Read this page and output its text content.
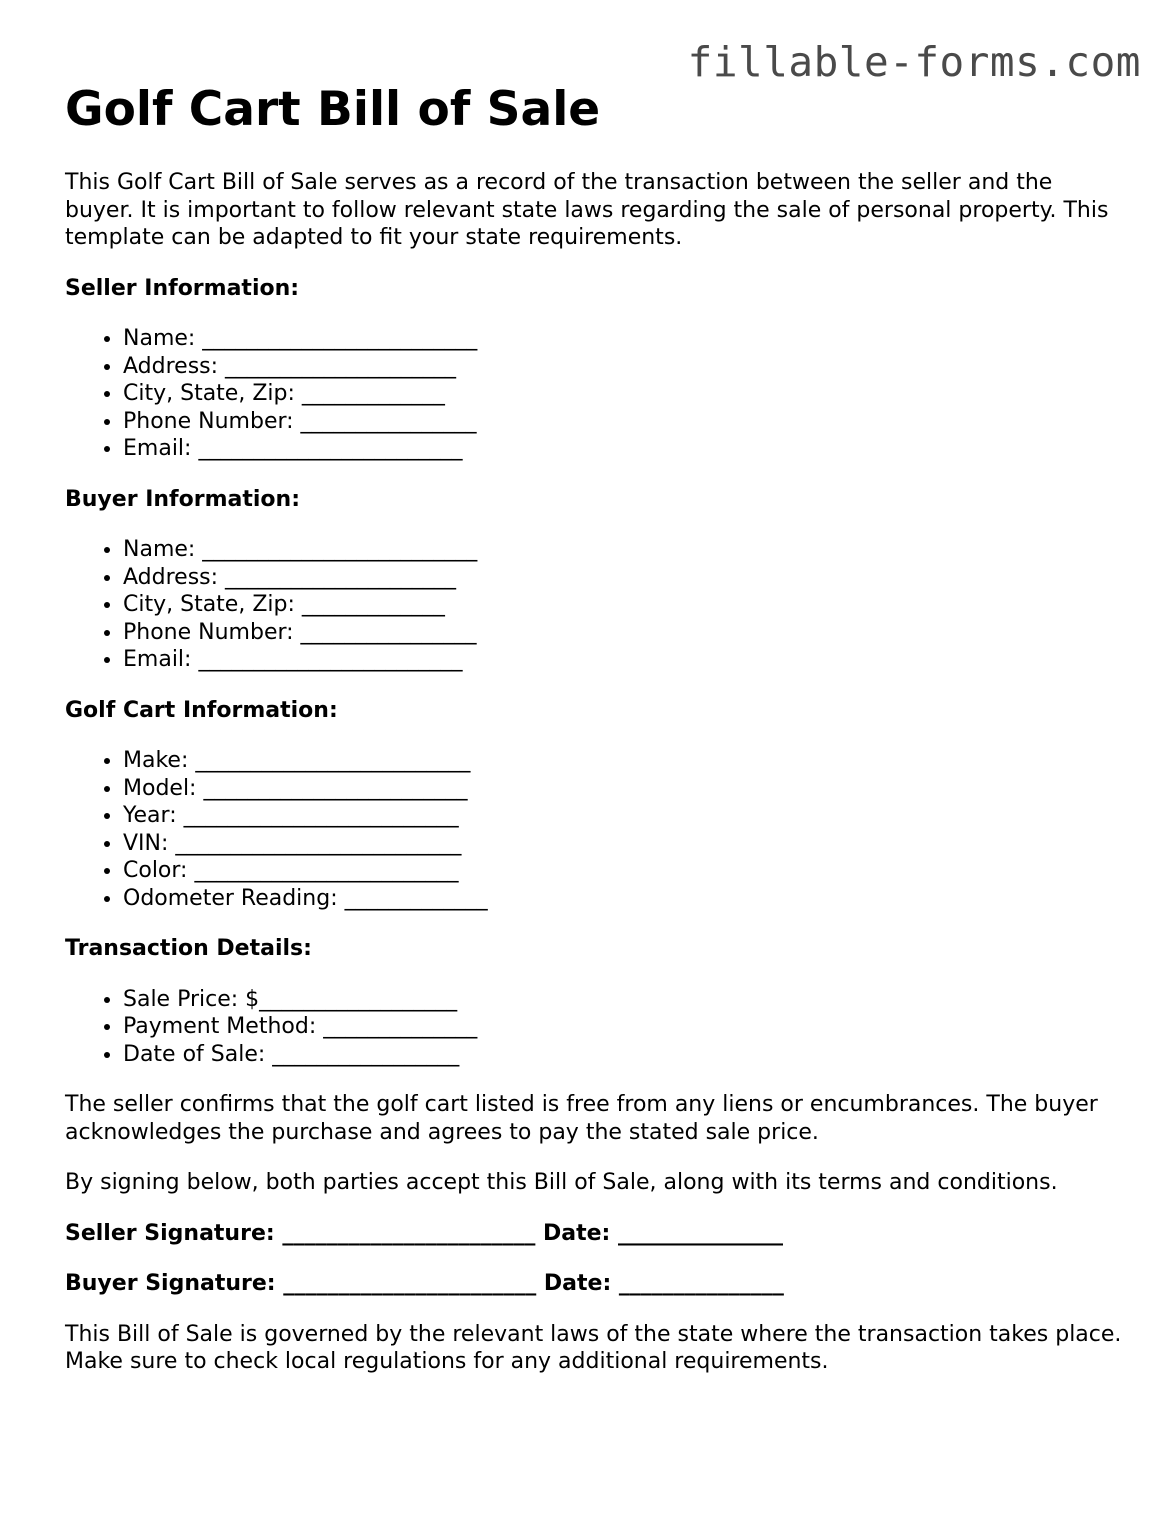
fillable-forms.com
Golf Cart Bill of Sale

This Golf Cart Bill of Sale serves as a record of the transaction between the seller and the buyer. It is important to follow relevant state laws regarding the sale of personal property. This template can be adapted to fit your state requirements.

Seller Information:

• Name: _________________________
• Address: _____________________
• City, State, Zip: _____________
• Phone Number: ________________
• Email: ________________________

Buyer Information:

• Name: _________________________
• Address: _____________________
• City, State, Zip: _____________
• Phone Number: ________________
• Email: ________________________

Golf Cart Information:

• Make: _________________________
• Model: ________________________
• Year: _________________________
• VIN: __________________________
• Color: ________________________
• Odometer Reading: _____________

Transaction Details:

• Sale Price: $__________________
• Payment Method: ______________
• Date of Sale: _________________

The seller confirms that the golf cart listed is free from any liens or encumbrances. The buyer acknowledges the purchase and agrees to pay the stated sale price.

By signing below, both parties accept this Bill of Sale, along with its terms and conditions.

Seller Signature: _______________________ Date: _______________

Buyer Signature: _______________________ Date: _______________

This Bill of Sale is governed by the relevant laws of the state where the transaction takes place. Make sure to check local regulations for any additional requirements.
